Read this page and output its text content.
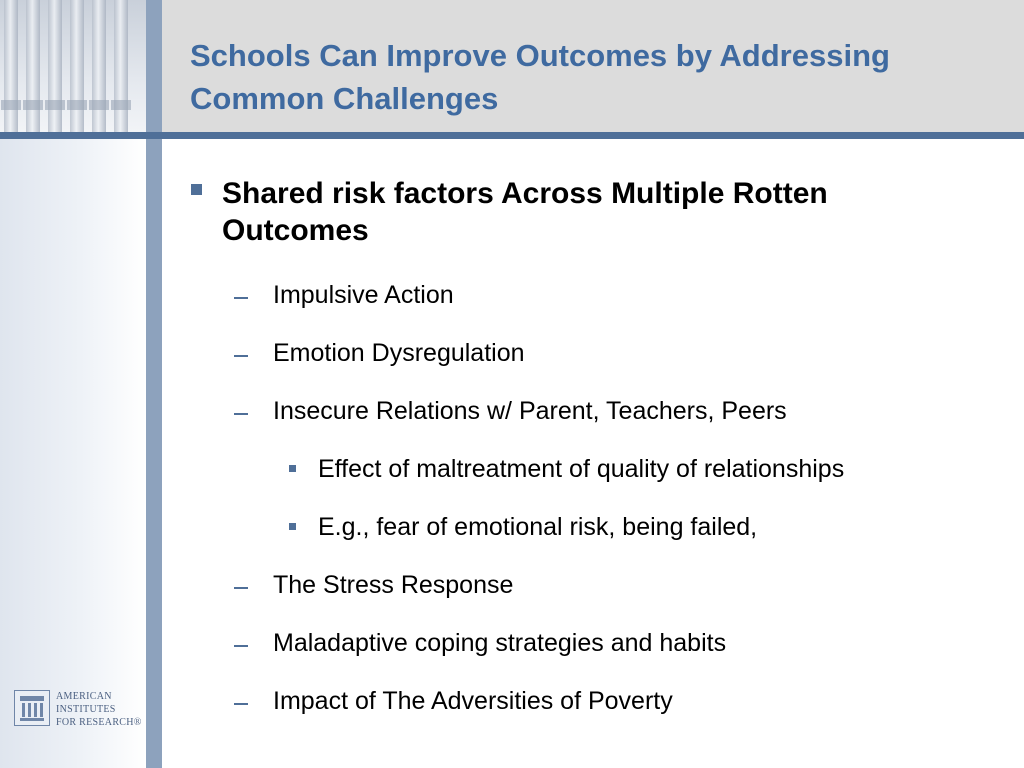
Schools Can Improve Outcomes by Addressing Common Challenges
Shared risk factors Across Multiple Rotten Outcomes
Impulsive Action
Emotion Dysregulation
Insecure Relations w/ Parent, Teachers, Peers
Effect of maltreatment of quality of relationships
E.g., fear of emotional risk, being failed,
The Stress Response
Maladaptive coping strategies and habits
Impact of The Adversities of Poverty
AMERICAN
INSTITUTES
FOR RESEARCH®
